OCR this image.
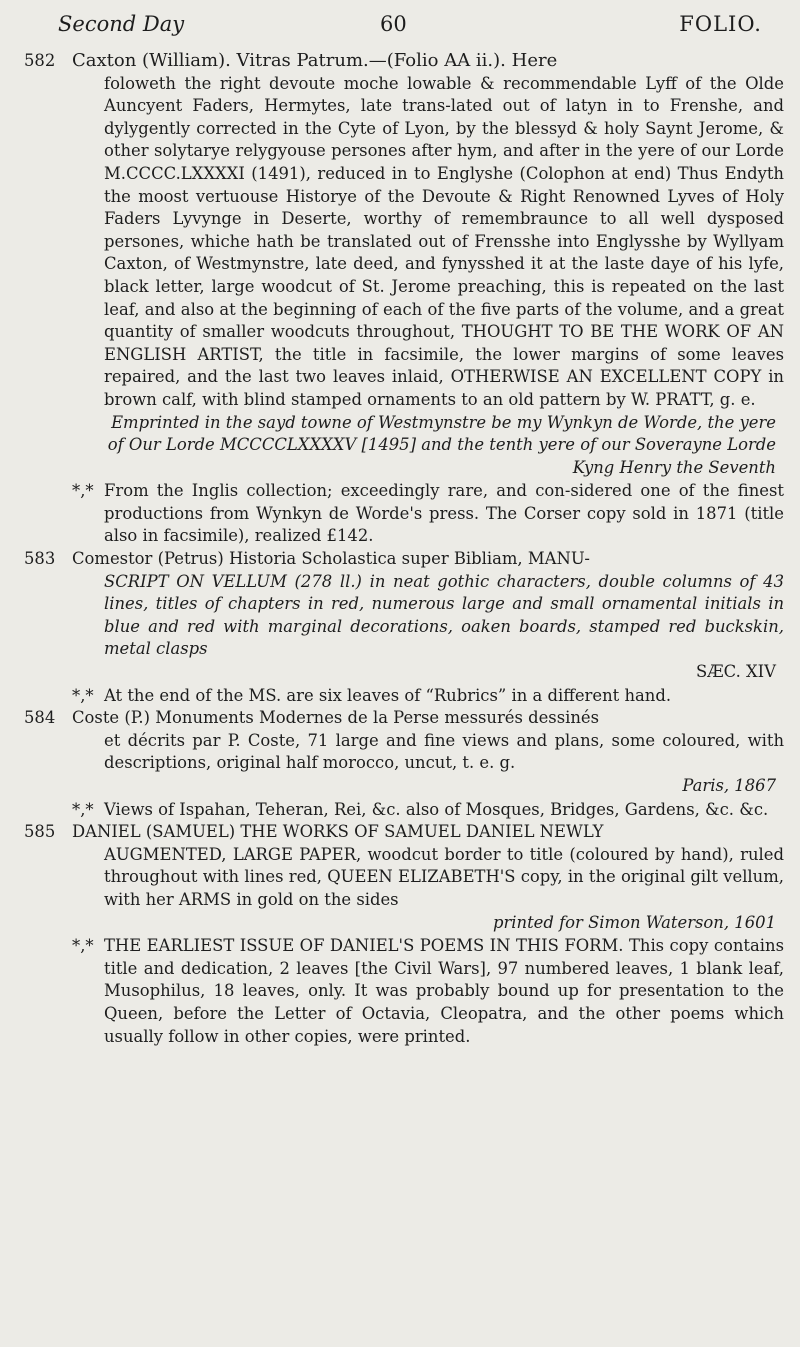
Second Day	60	FOLIO.
582 Caxton (William). Vitras Patrum.—(Folio AA ii.). Here
foloweth the right devoute moche lowable & recommendable Lyff of the Olde Auncyent Faders, Hermytes, late trans-lated out of latyn in to Frenshe, and dylygently corrected in the Cyte of Lyon, by the blessyd & holy Saynt Jerome, & other solytarye relygyouse persones after hym, and after in the yere of our Lorde M.CCCC.LXXXXI (1491), reduced in to Englyshe (Colophon at end) Thus Endyth the moost vertuouse Historye of the Devoute & Right Renowned Lyves of Holy Faders Lyvynge in Deserte, worthy of remembraunce to all well dysposed persones, whiche hath be translated out of Frensshe into Englysshe by Wyllyam Caxton, of Westmynstre, late deed, and fynysshed it at the laste daye of his lyfe, black letter, large woodcut of St. Jerome preaching, this is repeated on the last leaf, and also at the beginning of each of the five parts of the volume, and a great quantity of smaller woodcuts throughout, THOUGHT TO BE THE WORK OF AN ENGLISH ARTIST, the title in facsimile, the lower margins of some leaves repaired, and the last two leaves inlaid, OTHERWISE AN EXCELLENT COPY in brown calf, with blind stamped ornaments to an old pattern by W. PRATT, g. e.
Emprinted in the sayd towne of Westmynstre be my Wynkyn de Worde, the yere of Our Lorde MCCCCLXXXXV [1495] and the tenth yere of our Soverayne Lorde Kyng Henry the Seventh
*,* From the Inglis collection; exceedingly rare, and con-sidered one of the finest productions from Wynkyn de Worde's press. The Corser copy sold in 1871 (title also in facsimile), realized £142.
583	Comestor (Petrus) Historia Scholastica super Bibliam, MANU-
SCRIPT ON VELLUM (278 ll.) in neat gothic characters, double columns of 43 lines, titles of chapters in red, numerous large and small ornamental initials in blue and red with marginal decorations, oaken boards, stamped red buckskin, metal clasps
SÆC. XIV
*,* At the end of the MS. are six leaves of “Rubrics” in a different hand.
584	Coste (P.) Monuments Modernes de la Perse messurés dessinés
et décrits par P. Coste, 71 large and fine views and plans, some coloured, with descriptions, original half morocco, uncut, t. e. g.
Paris, 1867
*,* Views of Ispahan, Teheran, Rei, &c. also of Mosques, Bridges, Gardens, &c. &c.
585	DANIEL (SAMUEL) THE WORKS OF SAMUEL DANIEL NEWLY
AUGMENTED, LARGE PAPER, woodcut border to title (coloured by hand), ruled throughout with lines red, QUEEN ELIZABETH'S copy, in the original gilt vellum, with her ARMS in gold on the sides
printed for Simon Waterson, 1601
*,* THE EARLIEST ISSUE OF DANIEL'S POEMS IN THIS FORM. This copy contains title and dedication, 2 leaves [the Civil Wars], 97 numbered leaves, 1 blank leaf, Musophilus, 18 leaves, only. It was probably bound up for presentation to the Queen, before the Letter of Octavia, Cleopatra, and the other poems which usually follow in other copies, were printed.
